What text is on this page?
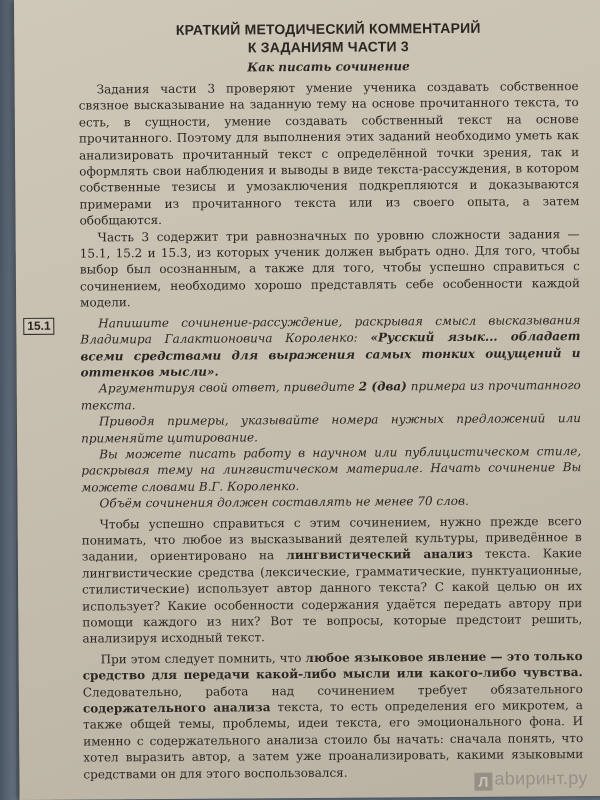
КРАТКИЙ МЕТОДИЧЕСКИЙ КОММЕНТАРИЙ
К ЗАДАНИЯМ ЧАСТИ 3
Как писать сочинение

Задания части 3 проверяют умение ученика создавать собственное связное высказывание на заданную тему на основе прочитанного текста, то есть, в сущности, умение создавать собственный текст на основе прочитанного. Поэтому для выполнения этих заданий необходимо уметь как анализировать прочитанный текст с определённой точки зрения, так и оформлять свои наблюдения и выводы в виде текста-рассуждения, в котором собственные тезисы и умозаключения подкрепляются и доказываются примерами из прочитанного текста или из своего опыта, а затем обобщаются.

Часть 3 содержит три равнозначных по уровню сложности задания — 15.1, 15.2 и 15.3, из которых ученик должен выбрать одно. Для того, чтобы выбор был осознанным, а также для того, чтобы успешно справиться с сочинением, необходимо хорошо представлять себе особенности каждой модели.

15.1	Напишите сочинение-рассуждение, раскрывая смысл высказывания Владимира Галактионовича Короленко: «Русский язык... обладает всеми средствами для выражения самых тонких ощущений и оттенков мысли».

Аргументируя свой ответ, приведите 2 (два) примера из прочитанного текста.

Приводя примеры, указывайте номера нужных предложений или применяйте цитирование.

Вы можете писать работу в научном или публицистическом стиле, раскрывая тему на лингвистическом материале. Начать сочинение Вы можете словами В.Г. Короленко.

Объём сочинения должен составлять не менее 70 слов.

Чтобы успешно справиться с этим сочинением, нужно прежде всего понимать, что любое из высказываний деятелей культуры, приведённое в задании, ориентировано на лингвистический анализ текста. Какие лингвистические средства (лексические, грамматические, пунктуационные, стилистические) использует автор данного текста? С какой целью он их использует? Какие особенности содержания удаётся передать автору при помощи каждого из них? Вот те вопросы, которые предстоит решить, анализируя исходный текст.

При этом следует помнить, что любое языковое явление — это только средство для передачи какой-либо мысли или какого-либо чувства. Следовательно, работа над сочинением требует обязательного содержательного анализа текста, то есть определения его микротем, а также общей темы, проблемы, идеи текста, его эмоционального фона. И именно с содержательного анализа стоило бы начать: сначала понять, что хотел выразить автор, а затем уже проанализировать, какими языковыми средствами он для этого воспользовался.

Л abиринт.ру
